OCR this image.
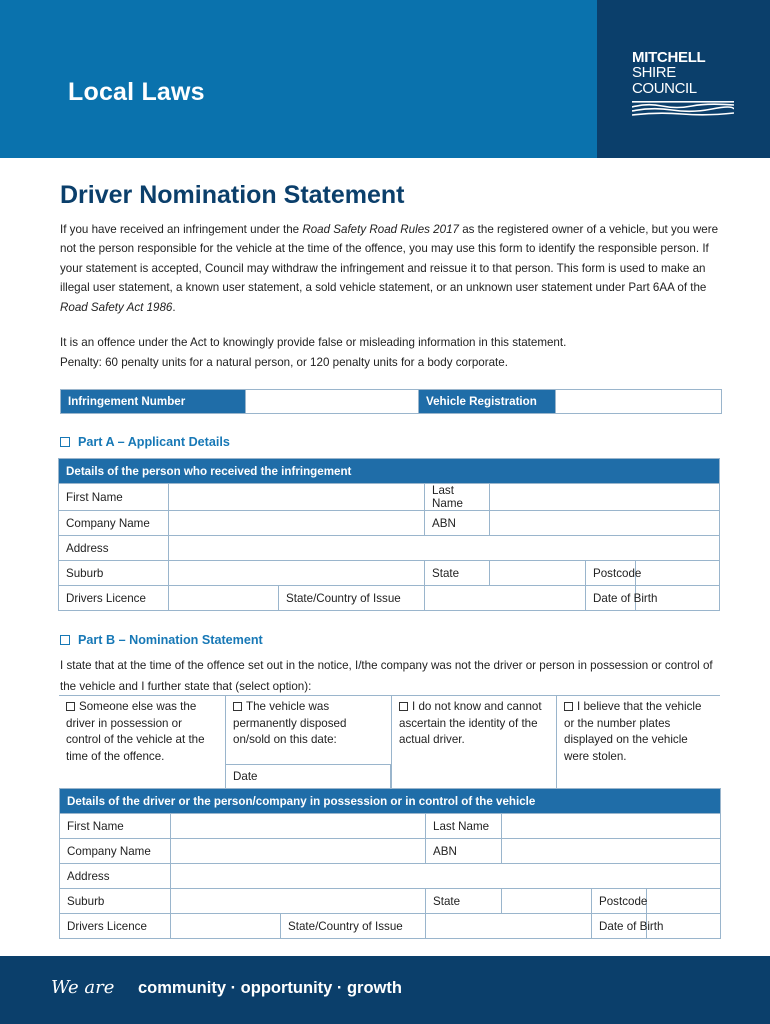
Local Laws
MITCHELL
SHIRE COUNCIL
Driver Nomination Statement
If you have received an infringement under the Road Safety Road Rules 2017 as the registered owner of a vehicle, but you were not the person responsible for the vehicle at the time of the offence, you may use this form to identify the responsible person. If your statement is accepted, Council may withdraw the infringement and reissue it to that person. This form is used to make an illegal user statement, a known user statement, a sold vehicle statement, or an unknown user statement under Part 6AA of the Road Safety Act 1986.
It is an offence under the Act to knowingly provide false or misleading information in this statement.
Penalty: 60 penalty units for a natural person, or 120 penalty units for a body corporate.
Infringement Number		Vehicle Registration	
Part A – Applicant Details
Details of the person who received the infringement						
First Name			Last Name			
Company Name			ABN			
Address						
Suburb			State		Postcode	
Drivers Licence		State/Country of Issue			Date of Birth	
Part B – Nomination Statement
I state that at the time of the offence set out in the notice, I/the company was not the driver or person in possession or control of the vehicle and I further state that (select option):
Someone else was the driver in possession or control of the vehicle at the time of the offence.
The vehicle was permanently disposed on/sold on this date:
I do not know and cannot ascertain the identity of the actual driver.
I believe that the vehicle or the number plates displayed on the vehicle were stolen.
Date
Details of the driver or the person/company in possession or in control of the vehicle						
First Name			Last Name			
Company Name			ABN			
Address						
Suburb			State		Postcode	
Drivers Licence		State/Country of Issue			Date of Birth	
We are community · opportunity · growth
